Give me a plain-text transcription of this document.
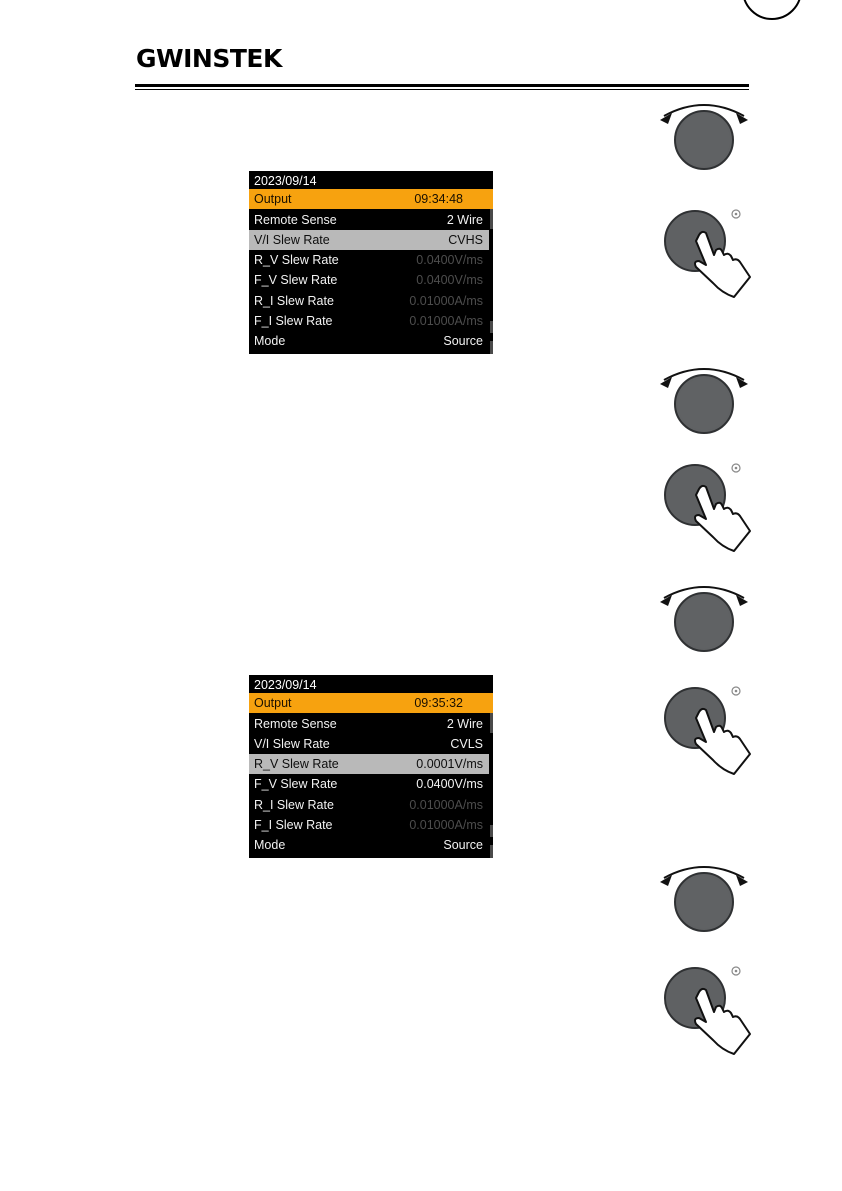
GWINSTEK
2023/09/14
Output	09:34:48
Remote Sense	2 Wire
V/I Slew Rate	CVHS
R_V Slew Rate	0.0400V/ms
F_V Slew Rate	0.0400V/ms
R_I Slew Rate	0.01000A/ms
F_I Slew Rate	0.01000A/ms
Mode	Source
2023/09/14
Output	09:35:32
Remote Sense	2 Wire
V/I Slew Rate	CVLS
R_V Slew Rate	0.0001V/ms
F_V Slew Rate	0.0400V/ms
R_I Slew Rate	0.01000A/ms
F_I Slew Rate	0.01000A/ms
Mode	Source
